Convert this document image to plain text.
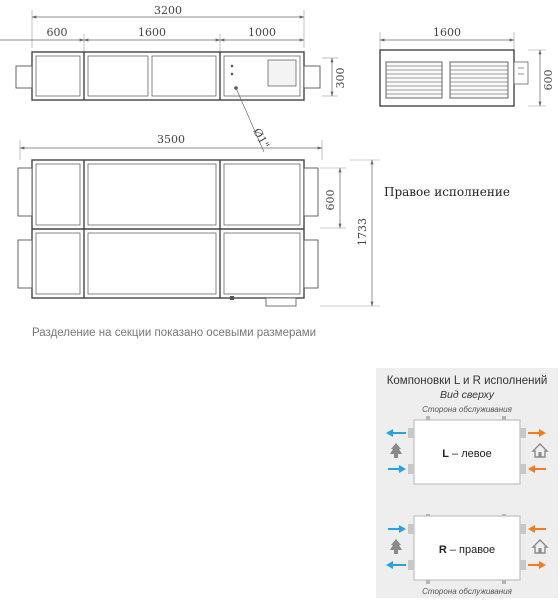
3200
600	1600	1000
300
Ø1"
1600
600
3500
600
1733
Правое исполнение
Разделение на секции показано осевыми размерами
Компоновки L и R исполнений
Вид сверху
Сторона обслуживания
L – левое
R – правое
Сторона обслуживания
